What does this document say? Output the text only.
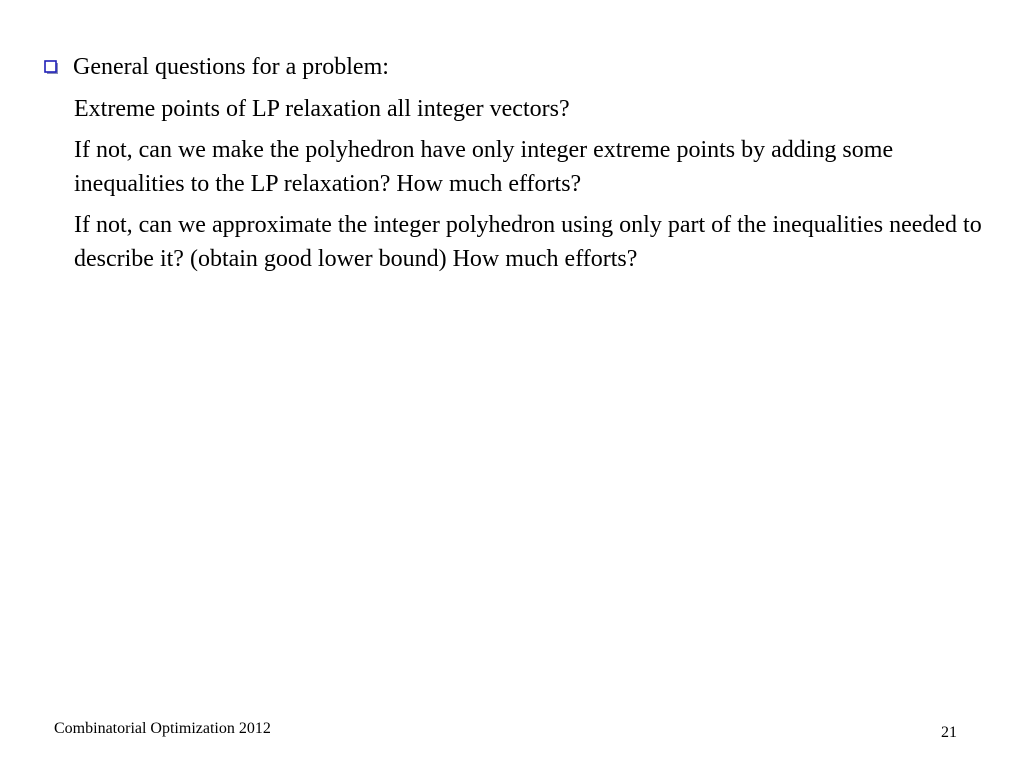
General questions for a problem:
Extreme points of LP relaxation all integer vectors?
If not, can we make the polyhedron have only integer extreme points by adding some inequalities to the LP relaxation? How much efforts?
If not, can we approximate the integer polyhedron using only part of the inequalities needed to describe it? (obtain good lower bound) How much efforts?
Combinatorial Optimization 2012	21
